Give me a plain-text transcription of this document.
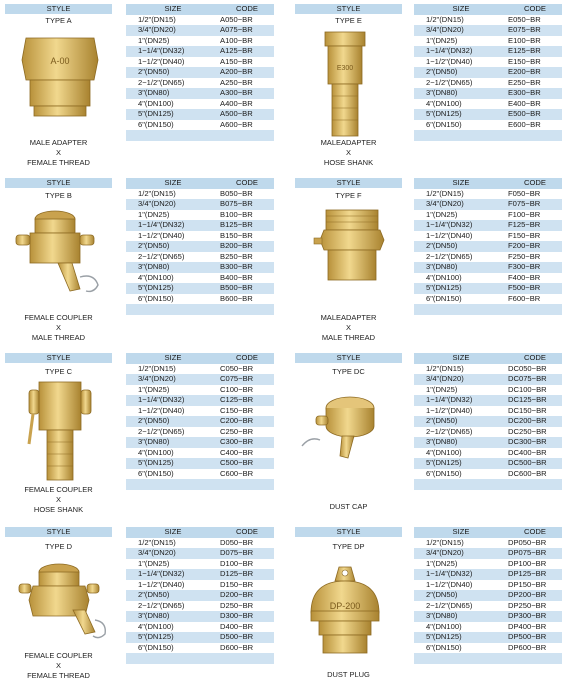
STYLE
TYPE A
A-00
MALE ADAPTER
X
FEMALE THREAD
SIZE	CODE
1/2"(DN15)	A050−BR
3/4"(DN20)	A075−BR
1"(DN25)	A100−BR
1−1/4"(DN32)	A125−BR
1−1/2"(DN40)	A150−BR
2"(DN50)	A200−BR
2−1/2"(DN65)	A250−BR
3"(DN80)	A300−BR
4"(DN100)	A400−BR
5"(DN125)	A500−BR
6"(DN150)	A600−BR

STYLE
TYPE E
E300
MALEADAPTER
X
HOSE SHANK
SIZE	CODE
1/2"(DN15)	E050−BR
3/4"(DN20)	E075−BR
1"(DN25)	E100−BR
1−1/4"(DN32)	E125−BR
1−1/2"(DN40)	E150−BR
2"(DN50)	E200−BR
2−1/2"(DN65)	E250−BR
3"(DN80)	E300−BR
4"(DN100)	E400−BR
5"(DN125)	E500−BR
6"(DN150)	E600−BR

STYLE
TYPE B
FEMALE COUPLER
X
MALE THREAD
SIZE	CODE
1/2"(DN15)	B050−BR
3/4"(DN20)	B075−BR
1"(DN25)	B100−BR
1−1/4"(DN32)	B125−BR
1−1/2"(DN40)	B150−BR
2"(DN50)	B200−BR
2−1/2"(DN65)	B250−BR
3"(DN80)	B300−BR
4"(DN100)	B400−BR
5"(DN125)	B500−BR
6"(DN150)	B600−BR

STYLE
TYPE F
MALEADAPTER
X
MALE THREAD
SIZE	CODE
1/2"(DN15)	F050−BR
3/4"(DN20)	F075−BR
1"(DN25)	F100−BR
1−1/4"(DN32)	F125−BR
1−1/2"(DN40)	F150−BR
2"(DN50)	F200−BR
2−1/2"(DN65)	F250−BR
3"(DN80)	F300−BR
4"(DN100)	F400−BR
5"(DN125)	F500−BR
6"(DN150)	F600−BR

STYLE
TYPE C
FEMALE COUPLER
X
HOSE SHANK
SIZE	CODE
1/2"(DN15)	C050−BR
3/4"(DN20)	C075−BR
1"(DN25)	C100−BR
1−1/4"(DN32)	C125−BR
1−1/2"(DN40)	C150−BR
2"(DN50)	C200−BR
2−1/2"(DN65)	C250−BR
3"(DN80)	C300−BR
4"(DN100)	C400−BR
5"(DN125)	C500−BR
6"(DN150)	C600−BR

STYLE
TYPE DC
DUST CAP
SIZE	CODE
1/2"(DN15)	DC050−BR
3/4"(DN20)	DC075−BR
1"(DN25)	DC100−BR
1−1/4"(DN32)	DC125−BR
1−1/2"(DN40)	DC150−BR
2"(DN50)	DC200−BR
2−1/2"(DN65)	DC250−BR
3"(DN80)	DC300−BR
4"(DN100)	DC400−BR
5"(DN125)	DC500−BR
6"(DN150)	DC600−BR

STYLE
TYPE D
FEMALE COUPLER
X
FEMALE THREAD
SIZE	CODE
1/2"(DN15)	D050−BR
3/4"(DN20)	D075−BR
1"(DN25)	D100−BR
1−1/4"(DN32)	D125−BR
1−1/2"(DN40)	D150−BR
2"(DN50)	D200−BR
2−1/2"(DN65)	D250−BR
3"(DN80)	D300−BR
4"(DN100)	D400−BR
5"(DN125)	D500−BR
6"(DN150)	D600−BR

STYLE
TYPE DP
DP-200
DUST PLUG
SIZE	CODE
1/2"(DN15)	DP050−BR
3/4"(DN20)	DP075−BR
1"(DN25)	DP100−BR
1−1/4"(DN32)	DP125−BR
1−1/2"(DN40)	DP150−BR
2"(DN50)	DP200−BR
2−1/2"(DN65)	DP250−BR
3"(DN80)	DP300−BR
4"(DN100)	DP400−BR
5"(DN125)	DP500−BR
6"(DN150)	DP600−BR
